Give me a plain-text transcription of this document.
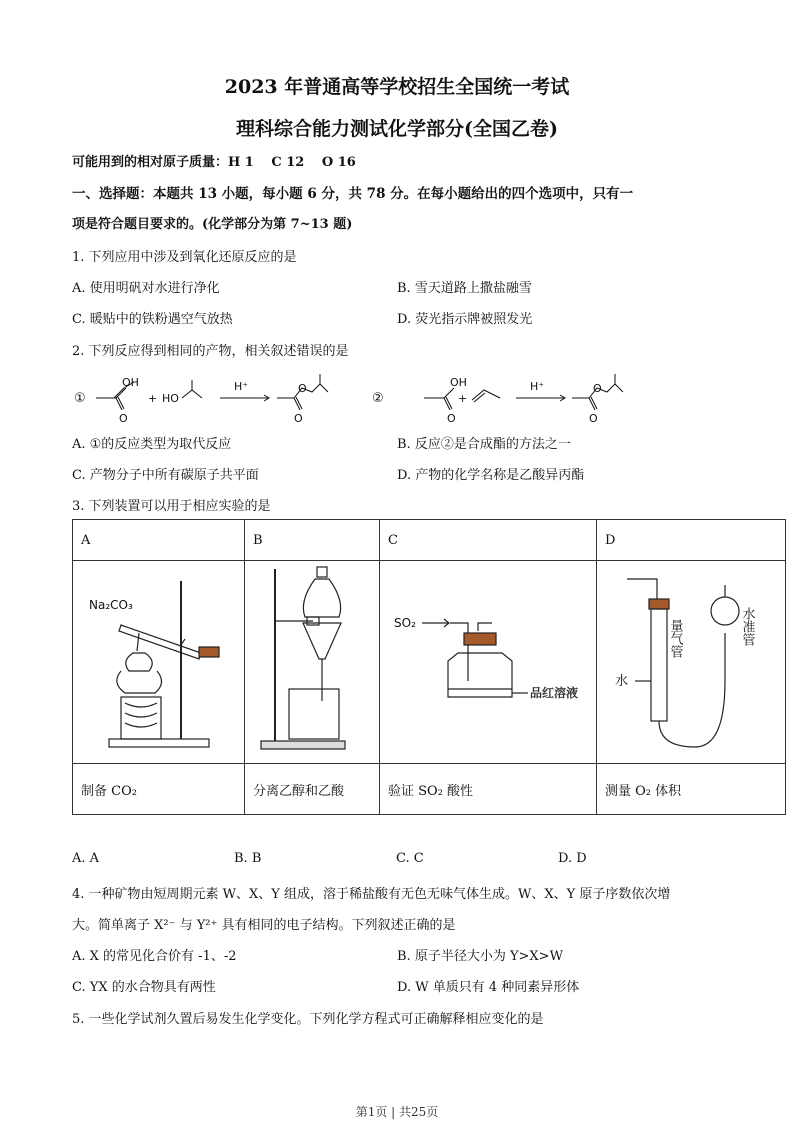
2023 年普通高等学校招生全国统一考试
理科综合能力测试化学部分(全国乙卷)
可能用到的相对原子质量：H 1 　C 12 　O 16
一、选择题：本题共 13 小题，每小题 6 分，共 78 分。在每小题给出的四个选项中，只有一
项是符合题目要求的。(化学部分为第 7~13 题)
1. 下列应用中涉及到氧化还原反应的是
A. 使用明矾对水进行净化	B. 雪天道路上撒盐融雪
C. 暖贴中的铁粉遇空气放热	D. 荧光指示牌被照发光
2. 下列反应得到相同的产物，相关叙述错误的是
①
OH
O
+ HO
H⁺	O
O
②
OH
O
+
H⁺	O
O
A. ①的反应类型为取代反应	B. 反应②是合成酯的方法之一
C. 产物分子中所有碳原子共平面	D. 产物的化学名称是乙酸异丙酯
3. 下列装置可以用于相应实验的是
A	B	C	D

Na₂CO₃		SO₂
品红溶液	水
量气管 水准管

制备 CO₂	分离乙醇和乙酸	验证 SO₂ 酸性	测量 O₂ 体积
A. A	B. B	C. C	D. D
4. 一种矿物由短周期元素 W、X、Y 组成，溶于稀盐酸有无色无味气体生成。W、X、Y 原子序数依次增
大。简单离子 X²⁻ 与 Y²⁺ 具有相同的电子结构。下列叙述正确的是
A. X 的常见化合价有 -1、-2	B. 原子半径大小为 Y>X>W
C. YX 的水合物具有两性	D. W 单质只有 4 种同素异形体
5. 一些化学试剂久置后易发生化学变化。下列化学方程式可正确解释相应变化的是
第1页 | 共25页
